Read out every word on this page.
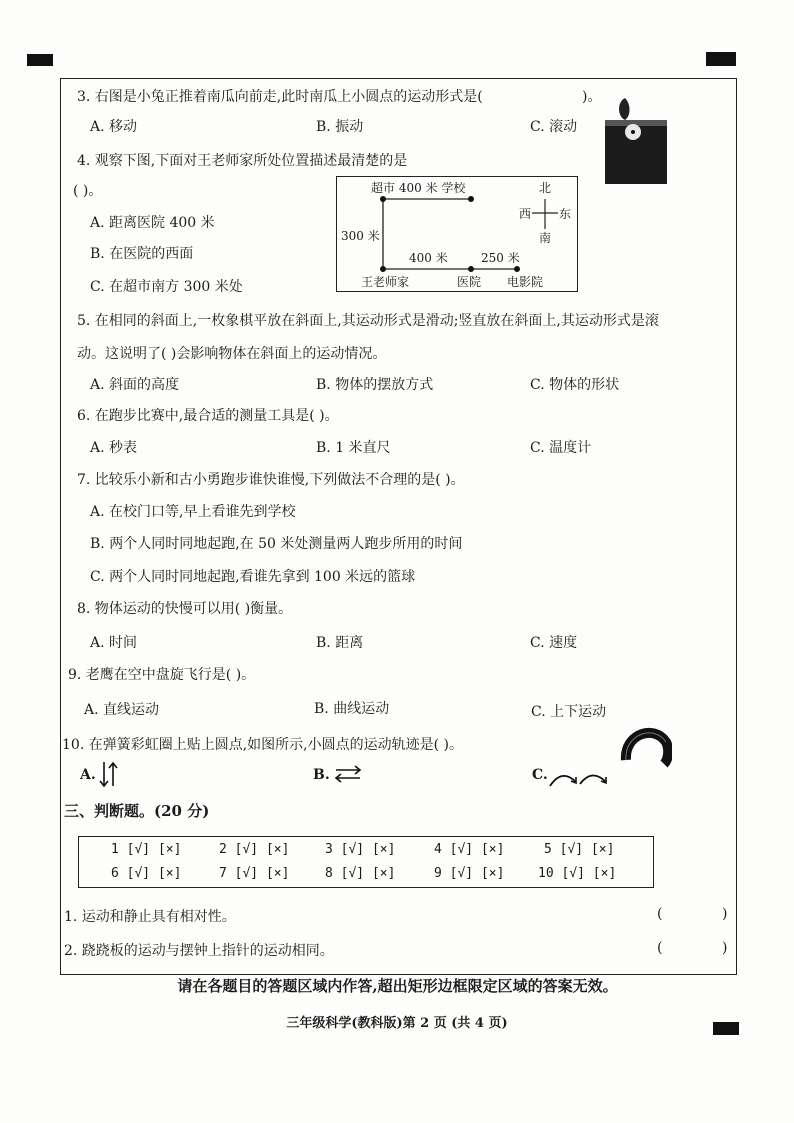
3. 右图是小兔正推着南瓜向前走,此时南瓜上小圆点的运动形式是(	)。
A. 移动	B. 振动	C. 滚动
4. 观察下图,下面对王老师家所处位置描述最清楚的是
( )。
A. 距离医院 400 米
B. 在医院的西面
C. 在超市南方 300 米处
超市 400 米 学校
300 米
400 米	250 米
王老师家	医院 电影院
北
南
西 东
5. 在相同的斜面上,一枚象棋平放在斜面上,其运动形式是滑动;竖直放在斜面上,其运动形式是滚
动。这说明了( )会影响物体在斜面上的运动情况。
A. 斜面的高度	B. 物体的摆放方式	C. 物体的形状
6. 在跑步比赛中,最合适的测量工具是( )。
A. 秒表	B. 1 米直尺	C. 温度计
7. 比较乐小新和古小勇跑步谁快谁慢,下列做法不合理的是( )。
A. 在校门口等,早上看谁先到学校
B. 两个人同时同地起跑,在 50 米处测量两人跑步所用的时间
C. 两个人同时同地起跑,看谁先拿到 100 米远的篮球
8. 物体运动的快慢可以用( )衡量。
A. 时间	B. 距离	C. 速度
9. 老鹰在空中盘旋飞行是( )。
A. 直线运动	B. 曲线运动	C. 上下运动
10. 在弹簧彩虹圈上贴上圆点,如图所示,小圆点的运动轨迹是( )。
A.	B.	C.
三、判断题。(20 分)
1 [√] [×]	2 [√] [×]	3 [√] [×]	4 [√] [×]	5 [√] [×]
6 [√] [×]	7 [√] [×]	8 [√] [×]	9 [√] [×]	10 [√] [×]
1. 运动和静止具有相对性。	(	)
2. 跷跷板的运动与摆钟上指针的运动相同。	(	)
请在各题目的答题区域内作答,超出矩形边框限定区域的答案无效。
三年级科学(教科版)第 2 页 (共 4 页)
